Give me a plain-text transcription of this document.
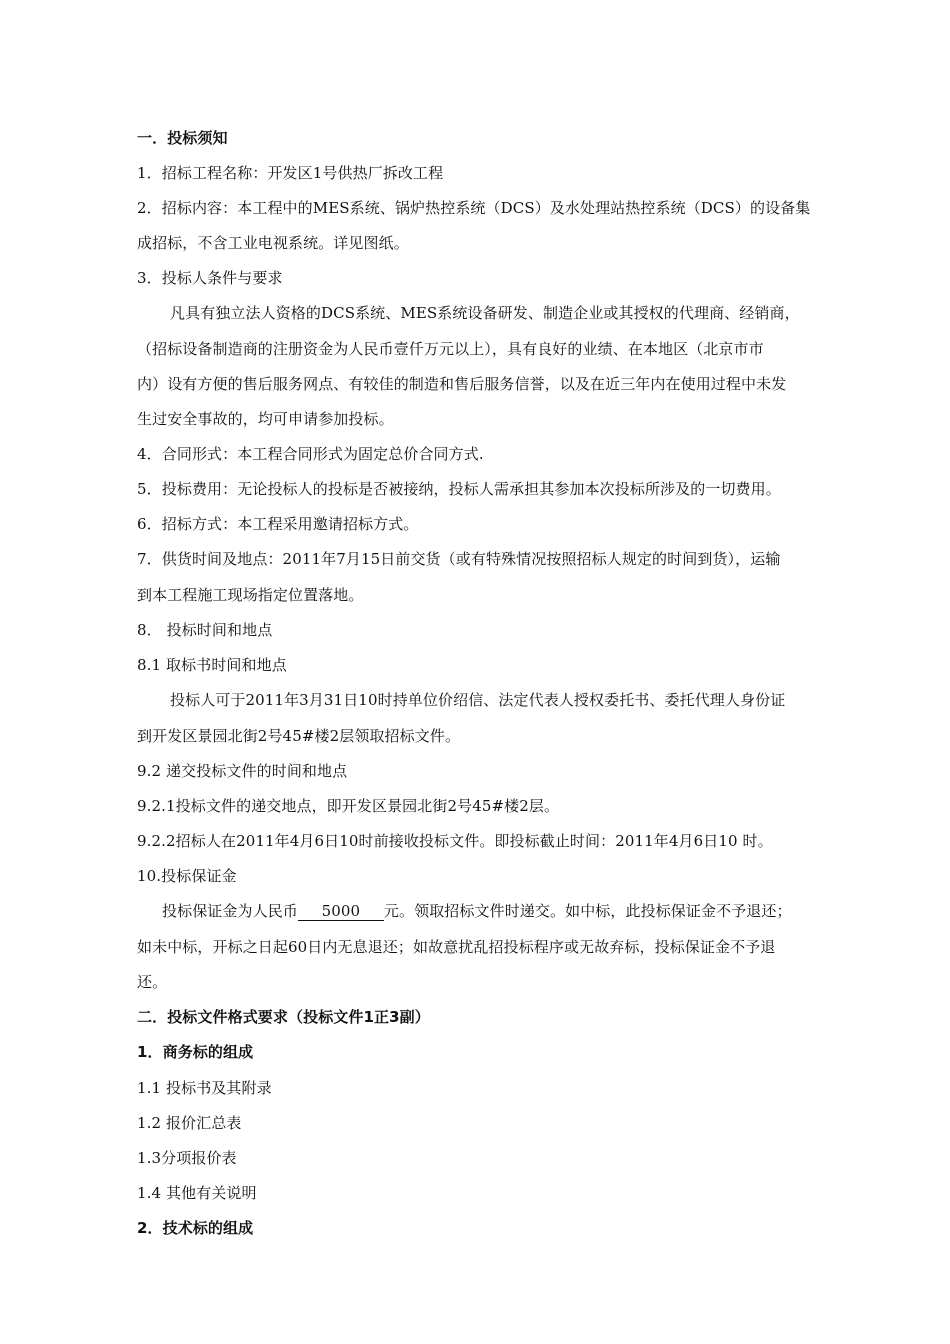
一．投标须知
1．招标工程名称：开发区1号供热厂拆改工程
2．招标内容：本工程中的MES系统、锅炉热控系统（DCS）及水处理站热控系统（DCS）的设备集
成招标，不含工业电视系统。详见图纸。
3．投标人条件与要求
凡具有独立法人资格的DCS系统、MES系统设备研发、制造企业或其授权的代理商、经销商，
（招标设备制造商的注册资金为人民币壹仟万元以上），具有良好的业绩、在本地区（北京市市
内）设有方便的售后服务网点、有较佳的制造和售后服务信誉，以及在近三年内在使用过程中未发
生过安全事故的，均可申请参加投标。
4．合同形式：本工程合同形式为固定总价合同方式.
5．投标费用：无论投标人的投标是否被接纳，投标人需承担其参加本次投标所涉及的一切费用。
6．招标方式：本工程采用邀请招标方式。
7．供货时间及地点：2011年7月15日前交货（或有特殊情况按照招标人规定的时间到货），运输
到本工程施工现场指定位置落地。
8． 投标时间和地点
8.1 取标书时间和地点
投标人可于2011年3月31日10时持单位价绍信、法定代表人授权委托书、委托代理人身份证
到开发区景园北街2号45#楼2层领取招标文件。
9.2 递交投标文件的时间和地点
9.2.1投标文件的递交地点，即开发区景园北街2号45#楼2层。
9.2.2招标人在2011年4月6日10时前接收投标文件。即投标截止时间：2011年4月6日10 时。
10.投标保证金
投标保证金为人民币 5000 元。领取招标文件时递交。如中标，此投标保证金不予退还；
如未中标，开标之日起60日内无息退还；如故意扰乱招投标程序或无故弃标，投标保证金不予退
还。
二．投标文件格式要求（投标文件1正3副）
1．商务标的组成
1.1 投标书及其附录
1.2 报价汇总表
1.3分项报价表
1.4 其他有关说明
2．技术标的组成
